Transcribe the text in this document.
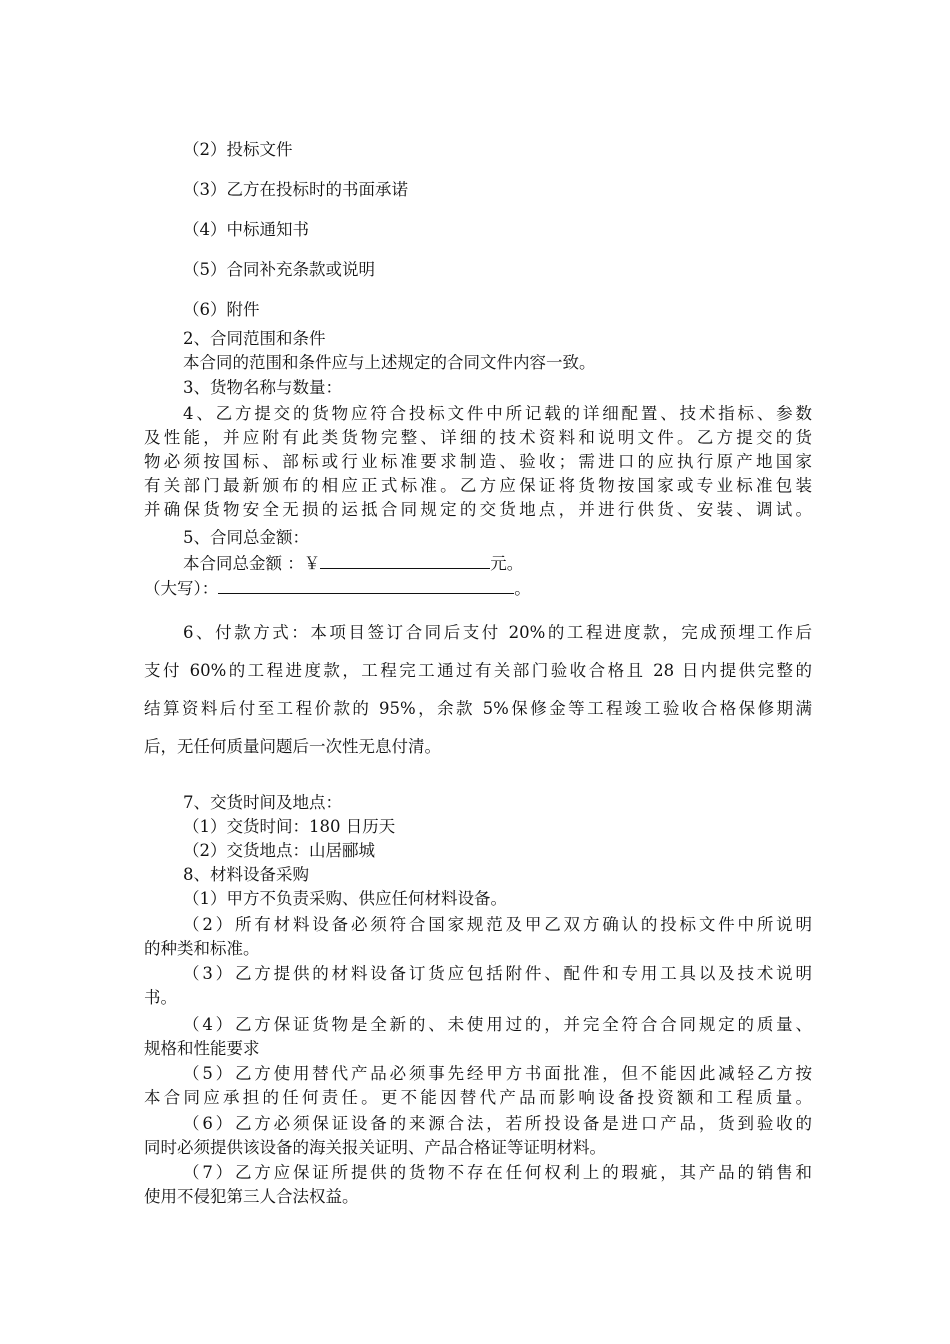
（2）投标文件
（3）乙方在投标时的书面承诺
（4）中标通知书
（5）合同补充条款或说明
（6）附件
2、合同范围和条件
本合同的范围和条件应与上述规定的合同文件内容一致。
3、货物名称与数量：
4、乙方提交的货物应符合投标文件中所记载的详细配置、技术指标、参数
及性能，并应附有此类货物完整、详细的技术资料和说明文件。乙方提交的货
物必须按国标、部标或行业标准要求制造、验收；需进口的应执行原产地国家
有关部门最新颁布的相应正式标准。乙方应保证将货物按国家或专业标准包装
并确保货物安全无损的运抵合同规定的交货地点，并进行供货、安装、调试。
5、合同总金额：
本合同总金额 ：￥	元。
（大写）：	。
6、付款方式：本项目签订合同后支付 20%的工程进度款，完成预埋工作后
支付 60%的工程进度款，工程完工通过有关部门验收合格且 28 日内提供完整的
结算资料后付至工程价款的 95%，余款 5%保修金等工程竣工验收合格保修期满
后，无任何质量问题后一次性无息付清。
7、交货时间及地点：
（1）交货时间：180 日历天
（2）交货地点：山居郦城
8、材料设备采购
（1）甲方不负责采购、供应任何材料设备。
（2）所有材料设备必须符合国家规范及甲乙双方确认的投标文件中所说明
的种类和标准。
（3）乙方提供的材料设备订货应包括附件、配件和专用工具以及技术说明
书。
（4）乙方保证货物是全新的、未使用过的，并完全符合合同规定的质量、
规格和性能要求
（5）乙方使用替代产品必须事先经甲方书面批准，但不能因此减轻乙方按
本合同应承担的任何责任。更不能因替代产品而影响设备投资额和工程质量。
（6）乙方必须保证设备的来源合法，若所投设备是进口产品，货到验收的
同时必须提供该设备的海关报关证明、产品合格证等证明材料。
（7）乙方应保证所提供的货物不存在任何权利上的瑕疵，其产品的销售和
使用不侵犯第三人合法权益。
